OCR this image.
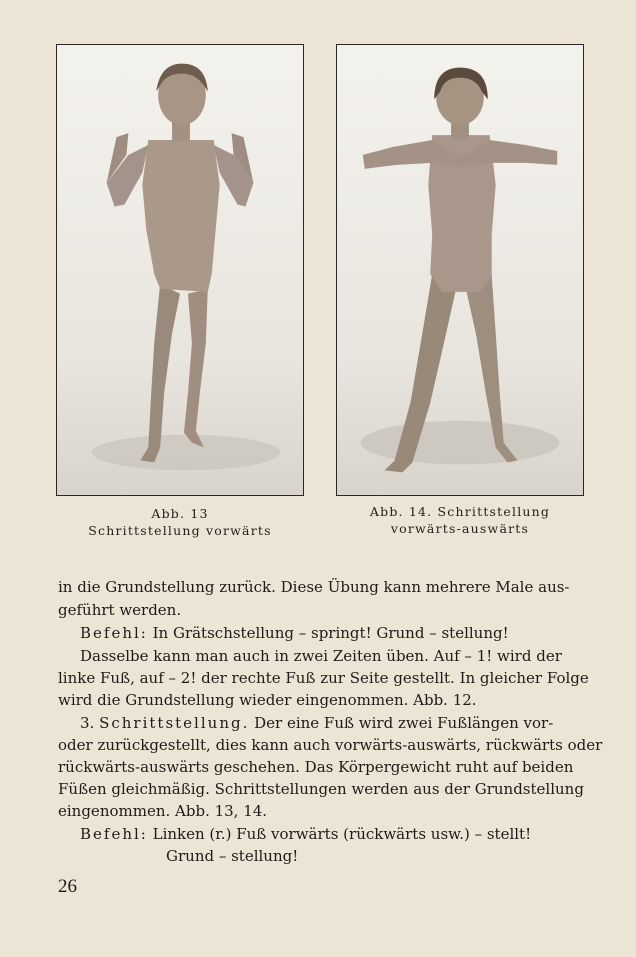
Abb. 13
Schrittstellung vorwärts
Abb. 14. Schrittstellung
vorwärts-auswärts
in die Grundstellung zurück. Diese Übung kann mehrere Male aus-
geführt werden.
Befehl: In Grätschstellung – springt! Grund – stellung!
Dasselbe kann man auch in zwei Zeiten üben. Auf – 1! wird der
linke Fuß, auf – 2! der rechte Fuß zur Seite gestellt. In gleicher Folge
wird die Grundstellung wieder eingenommen. Abb. 12.
3. Schrittstellung. Der eine Fuß wird zwei Fußlängen vor-
oder zurückgestellt, dies kann auch vorwärts-auswärts, rückwärts oder
rückwärts-auswärts geschehen. Das Körpergewicht ruht auf beiden
Füßen gleichmäßig. Schrittstellungen werden aus der Grundstellung
eingenommen. Abb. 13, 14.
Befehl: Linken (r.) Fuß vorwärts (rückwärts usw.) – stellt!
Grund – stellung!
26
